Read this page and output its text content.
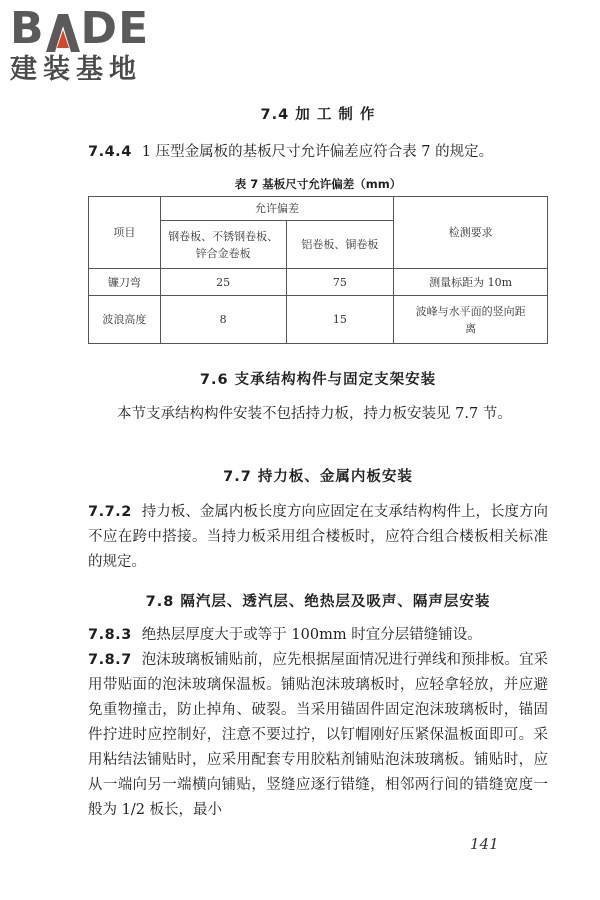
B DE
建装基地
7.4 加 工 制 作
7.4.4 1 压型金属板的基板尺寸允许偏差应符合表 7 的规定。
表 7 基板尺寸允许偏差（mm）
项目	允许偏差		检测要求
	钢卷板、不锈钢卷板、锌合金卷板	铝卷板、铜卷板	
镰刀弯	25	75	测量标距为 10m
波浪高度	8	15	波峰与水平面的竖向距离
7.6 支承结构构件与固定支架安装
本节支承结构构件安装不包括持力板，持力板安装见 7.7 节。
7.7 持力板、金属内板安装
7.7.2 持力板、金属内板长度方向应固定在支承结构构件上，长度方向不应在跨中搭接。当持力板采用组合楼板时，应符合组合楼板相关标准的规定。
7.8 隔汽层、透汽层、绝热层及吸声、隔声层安装
7.8.3 绝热层厚度大于或等于 100mm 时宜分层错缝铺设。
7.8.7 泡沫玻璃板铺贴前，应先根据屋面情况进行弹线和预排板。宜采用带贴面的泡沫玻璃保温板。铺贴泡沫玻璃板时，应轻拿轻放，并应避免重物撞击，防止掉角、破裂。当采用锚固件固定泡沫玻璃板时，锚固件拧进时应控制好，注意不要过拧，以钉帽刚好压紧保温板面即可。采用粘结法铺贴时，应采用配套专用胶粘剂铺贴泡沫玻璃板。铺贴时，应从一端向另一端横向铺贴，竖缝应逐行错缝，相邻两行间的错缝宽度一般为 1/2 板长，最小
141
